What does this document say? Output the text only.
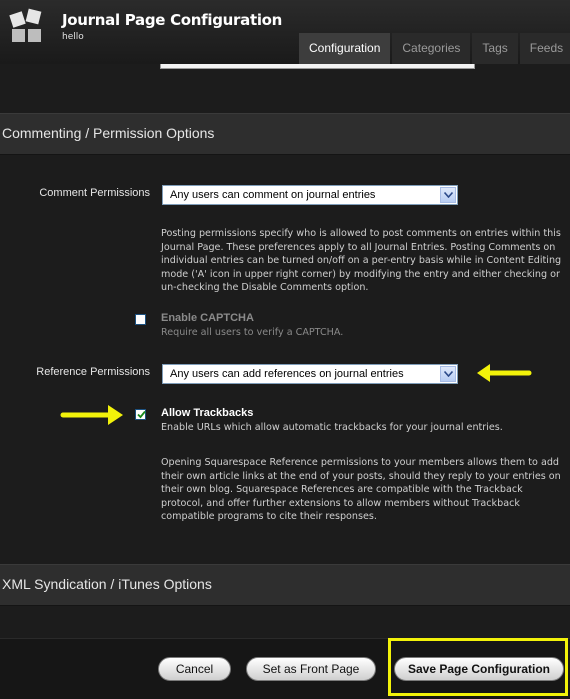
Journal Page Configuration
hello
Configuration	Categories	Tags	Feeds
Commenting / Permission Options
Comment Permissions Any users can comment on journal entries
Posting permissions specify who is allowed to post comments on entries within this Journal Page. These preferences apply to all Journal Entries. Posting Comments on individual entries can be turned on/off on a per-entry basis while in Content Editing mode ('A' icon in upper right corner) by modifying the entry and either checking or un-checking the Disable Comments option.
Enable CAPTCHA
Require all users to verify a CAPTCHA.
Reference Permissions Any users can add references on journal entries
Allow Trackbacks
Enable URLs which allow automatic trackbacks for your journal entries.
Opening Squarespace Reference permissions to your members allows them to add their own article links at the end of your posts, should they reply to your entries on their own blog. Squarespace References are compatible with the Trackback protocol, and offer further extensions to allow members without Trackback compatible programs to cite their responses.
XML Syndication / iTunes Options
Cancel	Set as Front Page	Save Page Configuration
